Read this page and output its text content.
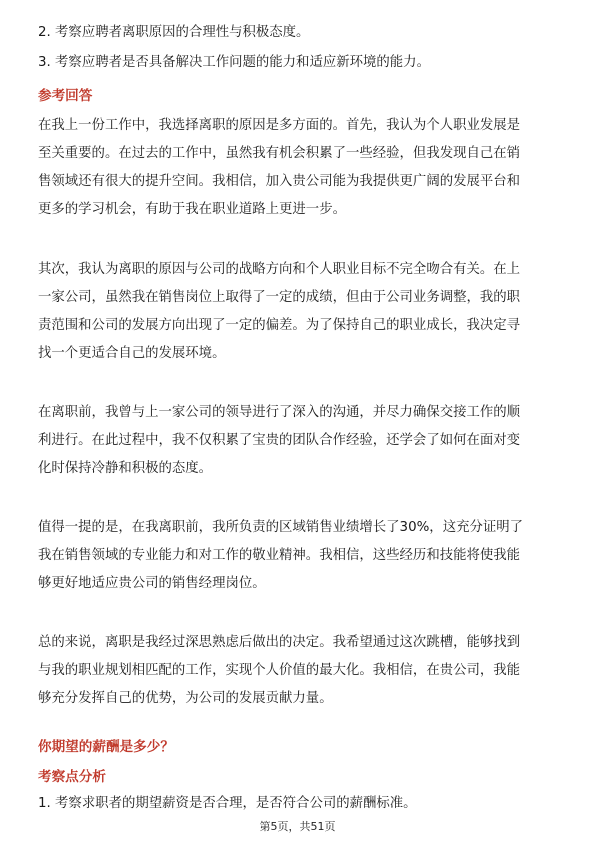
2. 考察应聘者离职原因的合理性与积极态度。
3. 考察应聘者是否具备解决工作问题的能力和适应新环境的能力。
参考回答
在我上一份工作中，我选择离职的原因是多方面的。首先，我认为个人职业发展是
至关重要的。在过去的工作中，虽然我有机会积累了一些经验，但我发现自己在销
售领域还有很大的提升空间。我相信，加入贵公司能为我提供更广阔的发展平台和
更多的学习机会，有助于我在职业道路上更进一步。
其次，我认为离职的原因与公司的战略方向和个人职业目标不完全吻合有关。在上
一家公司，虽然我在销售岗位上取得了一定的成绩，但由于公司业务调整，我的职
责范围和公司的发展方向出现了一定的偏差。为了保持自己的职业成长，我决定寻
找一个更适合自己的发展环境。
在离职前，我曾与上一家公司的领导进行了深入的沟通，并尽力确保交接工作的顺
利进行。在此过程中，我不仅积累了宝贵的团队合作经验，还学会了如何在面对变
化时保持冷静和积极的态度。
值得一提的是，在我离职前，我所负责的区域销售业绩增长了30%，这充分证明了
我在销售领域的专业能力和对工作的敬业精神。我相信，这些经历和技能将使我能
够更好地适应贵公司的销售经理岗位。
总的来说，离职是我经过深思熟虑后做出的决定。我希望通过这次跳槽，能够找到
与我的职业规划相匹配的工作，实现个人价值的最大化。我相信，在贵公司，我能
够充分发挥自己的优势，为公司的发展贡献力量。
你期望的薪酬是多少？
考察点分析
1. 考察求职者的期望薪资是否合理，是否符合公司的薪酬标准。
第5页，共51页
